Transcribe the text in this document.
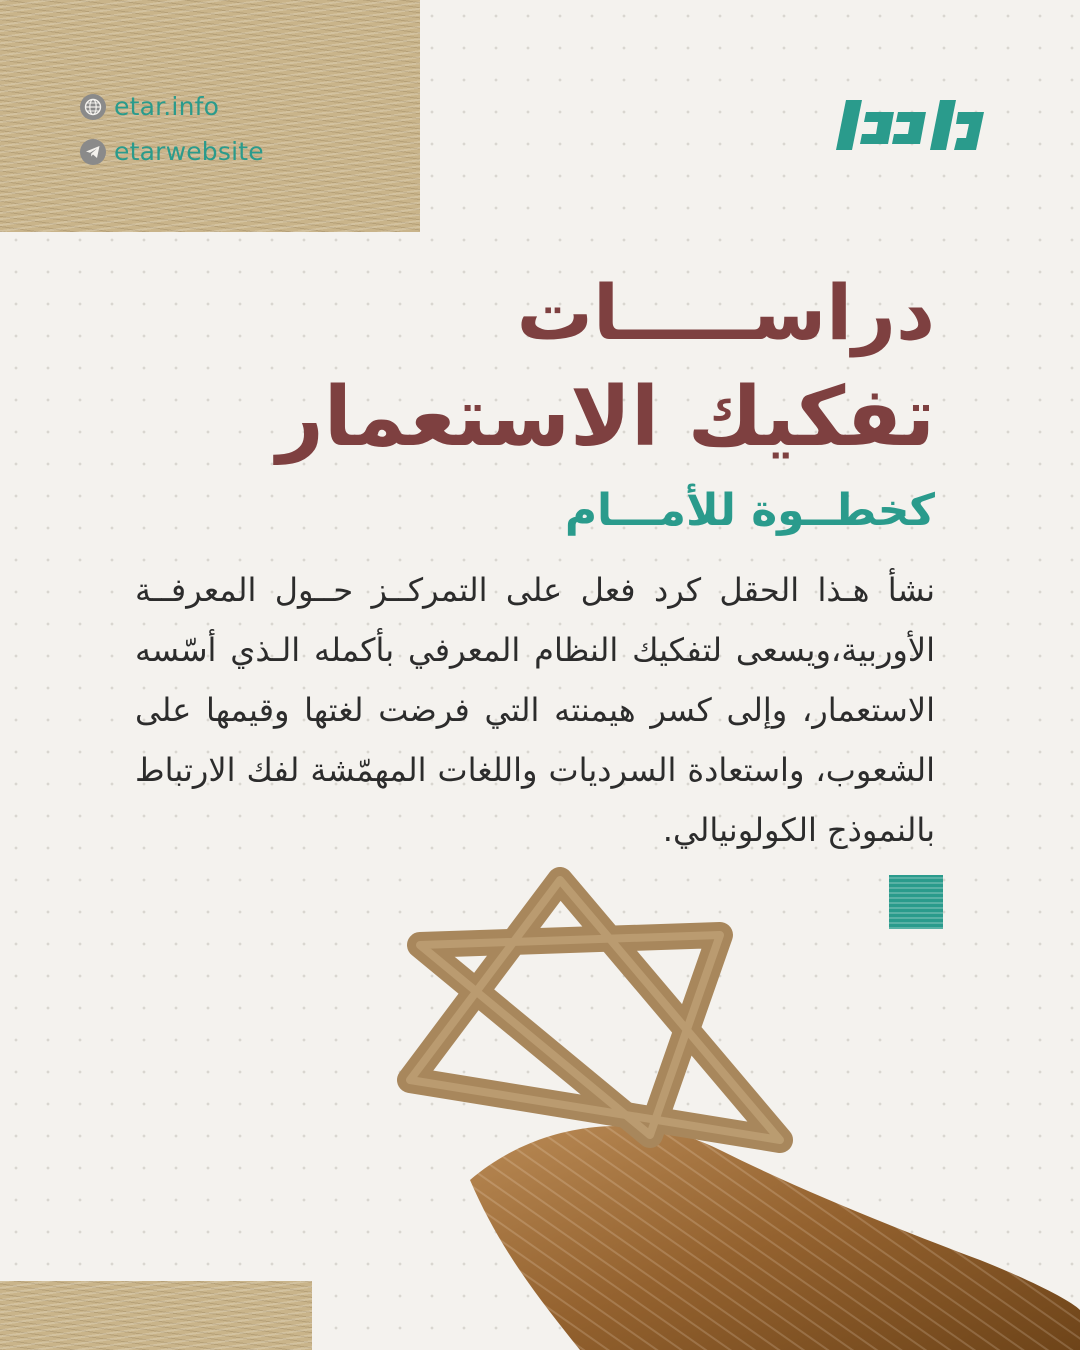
etar.info
etarwebsite
دراســـــات
تفكيك الاستعمار
كخطــوة للأمـــام

نشأ هـذا الحقل كرد فعل على التمركــز حــول المعرفــة الأوربية،ويسعى لتفكيك النظام المعرفي بأكمله الـذي أسّسه الاستعمار، وإلى كسر هيمنته التي فرضت لغتها وقيمها على الشعوب، واستعادة السرديات واللغات المهمّشة لفك الارتباط بالنموذج الكولونيالي.
